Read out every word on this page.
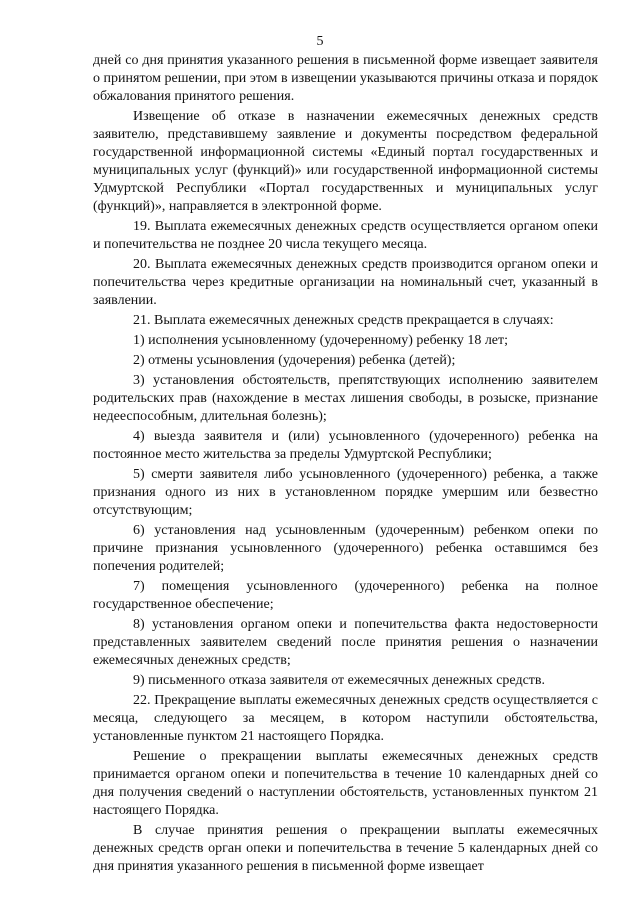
5

дней со дня принятия указанного решения в письменной форме извещает заявителя о принятом решении, при этом в извещении указываются причины отказа и порядок обжалования принятого решения.

Извещение об отказе в назначении ежемесячных денежных средств заявителю, представившему заявление и документы посредством федеральной государственной информационной системы «Единый портал государственных и муниципальных услуг (функций)» или государственной информационной системы Удмуртской Республики «Портал государственных и муниципальных услуг (функций)», направляется в электронной форме.

19. Выплата ежемесячных денежных средств осуществляется органом опеки и попечительства не позднее 20 числа текущего месяца.

20. Выплата ежемесячных денежных средств производится органом опеки и попечительства через кредитные организации на номинальный счет, указанный в заявлении.

21. Выплата ежемесячных денежных средств прекращается в случаях:

1) исполнения усыновленному (удочеренному) ребенку 18 лет;

2) отмены усыновления (удочерения) ребенка (детей);

3) установления обстоятельств, препятствующих исполнению заявителем родительских прав (нахождение в местах лишения свободы, в розыске, признание недееспособным, длительная болезнь);

4) выезда заявителя и (или) усыновленного (удочеренного) ребенка на постоянное место жительства за пределы Удмуртской Республики;

5) смерти заявителя либо усыновленного (удочеренного) ребенка, а также признания одного из них в установленном порядке умершим или безвестно отсутствующим;

6) установления над усыновленным (удочеренным) ребенком опеки по причине признания усыновленного (удочеренного) ребенка оставшимся без попечения родителей;

7) помещения усыновленного (удочеренного) ребенка на полное государственное обеспечение;

8) установления органом опеки и попечительства факта недостоверности представленных заявителем сведений после принятия решения о назначении ежемесячных денежных средств;

9) письменного отказа заявителя от ежемесячных денежных средств.

22. Прекращение выплаты ежемесячных денежных средств осуществляется с месяца, следующего за месяцем, в котором наступили обстоятельства, установленные пунктом 21 настоящего Порядка.

Решение о прекращении выплаты ежемесячных денежных средств принимается органом опеки и попечительства в течение 10 календарных дней со дня получения сведений о наступлении обстоятельств, установленных пунктом 21 настоящего Порядка.

В случае принятия решения о прекращении выплаты ежемесячных денежных средств орган опеки и попечительства в течение 5 календарных дней со дня принятия указанного решения в письменной форме извещает
